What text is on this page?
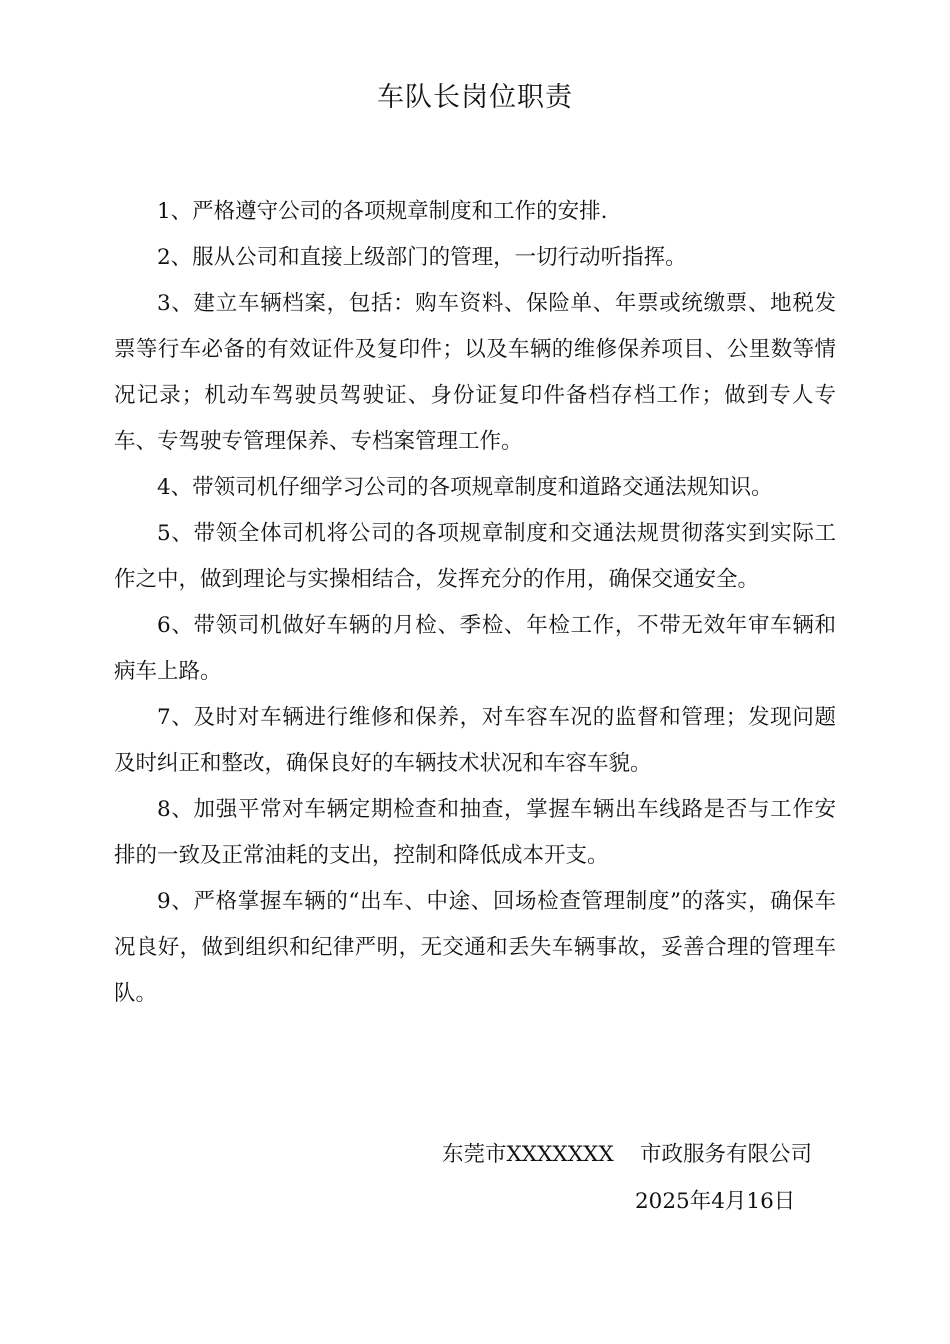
车队长岗位职责

1、严格遵守公司的各项规章制度和工作的安排.

2、服从公司和直接上级部门的管理，一切行动听指挥。

3、建立车辆档案，包括：购车资料、保险单、年票或统缴票、地税发票等行车必备的有效证件及复印件；以及车辆的维修保养项目、公里数等情况记录；机动车驾驶员驾驶证、身份证复印件备档存档工作；做到专人专车、专驾驶专管理保养、专档案管理工作。

4、带领司机仔细学习公司的各项规章制度和道路交通法规知识。

5、带领全体司机将公司的各项规章制度和交通法规贯彻落实到实际工作之中，做到理论与实操相结合，发挥充分的作用，确保交通安全。

6、带领司机做好车辆的月检、季检、年检工作，不带无效年审车辆和病车上路。

7、及时对车辆进行维修和保养，对车容车况的监督和管理；发现问题及时纠正和整改，确保良好的车辆技术状况和车容车貌。

8、加强平常对车辆定期检查和抽查，掌握车辆出车线路是否与工作安排的一致及正常油耗的支出，控制和降低成本开支。

9、严格掌握车辆的“出车、中途、回场检查管理制度”的落实，确保车况良好，做到组织和纪律严明，无交通和丢失车辆事故，妥善合理的管理车队。

东莞市XXXXXXX 市政服务有限公司
2025年4月16日
